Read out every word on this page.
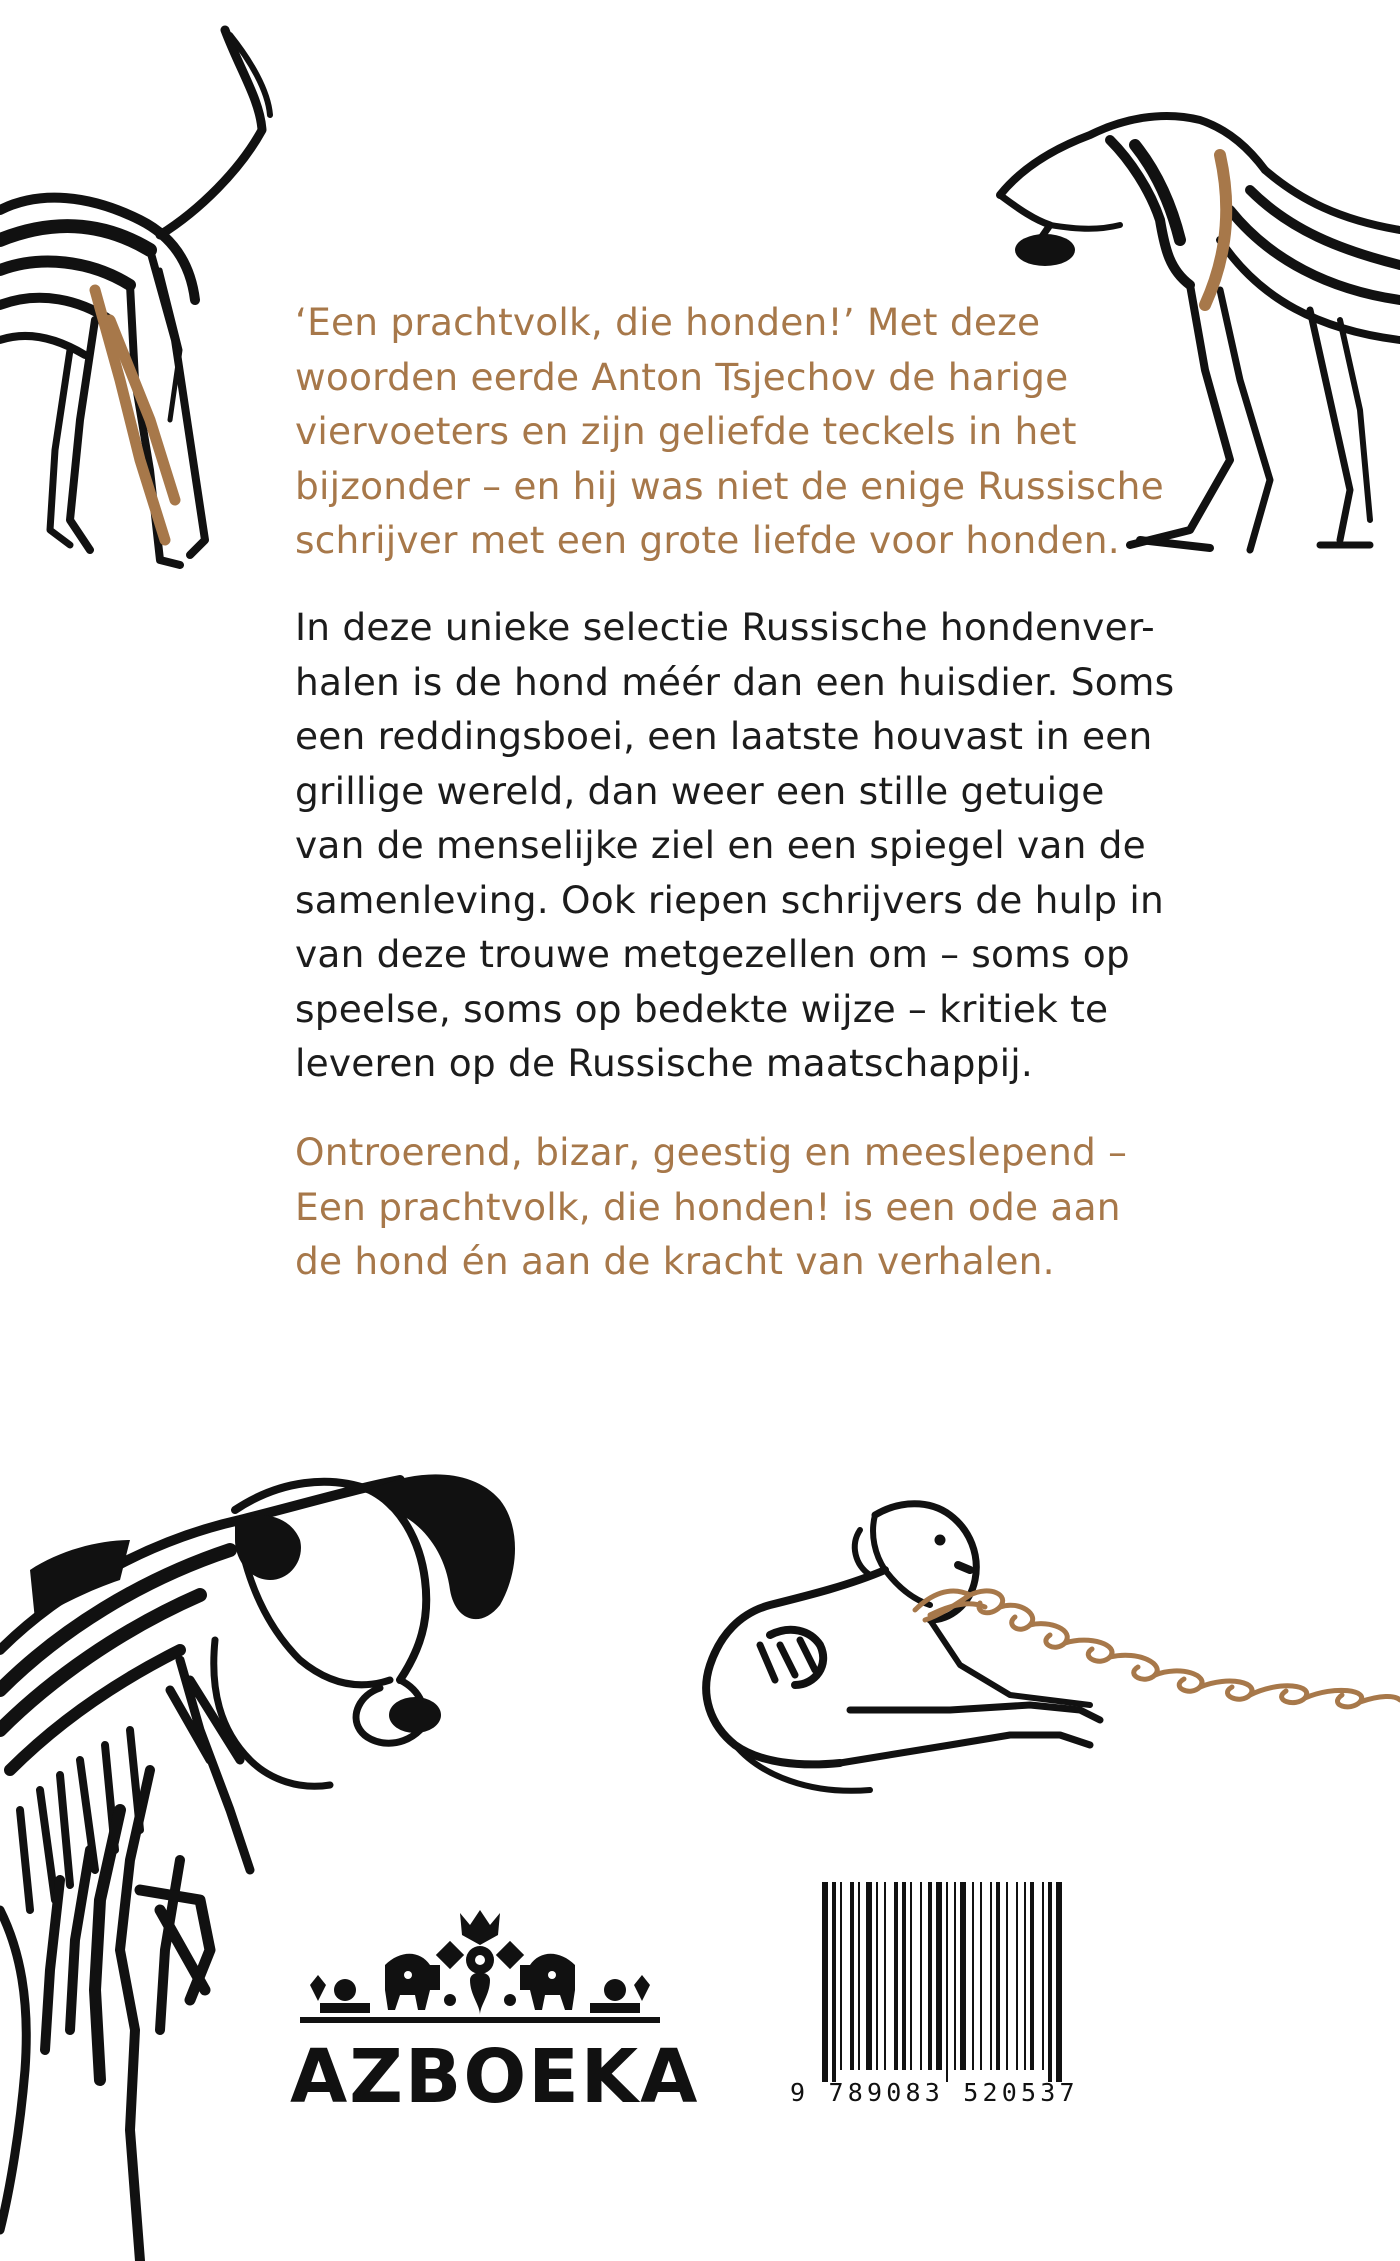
‘Een prachtvolk, die honden!’ Met deze
woorden eerde Anton Tsjechov de harige
viervoeters en zijn geliefde teckels in het
bijzonder – en hij was niet de enige Russische
schrijver met een grote liefde voor honden.
In deze unieke selectie Russische hondenver-
halen is de hond méér dan een huisdier. Soms
een reddingsboei, een laatste houvast in een
grillige wereld, dan weer een stille getuige
van de menselijke ziel en een spiegel van de
samenleving. Ook riepen schrijvers de hulp in
van deze trouwe metgezellen om – soms op
speelse, soms op bedekte wijze – kritiek te
leveren op de Russische maatschappij.
Ontroerend, bizar, geestig en meeslepend –
Een prachtvolk, die honden! is een ode aan
de hond én aan de kracht van verhalen.
AZBOEKA	9 789083 520537
